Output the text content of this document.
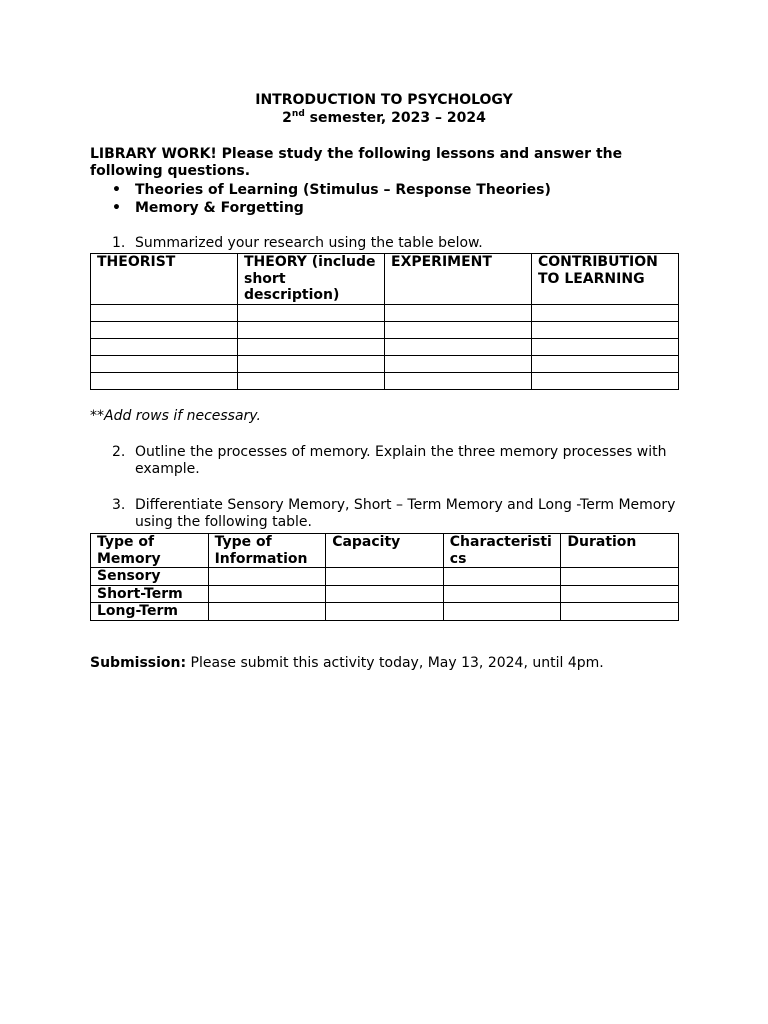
INTRODUCTION TO PSYCHOLOGY
2nd semester, 2023 – 2024
LIBRARY WORK! Please study the following lessons and answer the following questions.
• Theories of Learning (Stimulus – Response Theories)
• Memory & Forgetting
1. Summarized your research using the table below.
THEORIST	THEORY (include short description)	EXPERIMENT	CONTRIBUTION TO LEARNING

**Add rows if necessary.
2. Outline the processes of memory. Explain the three memory processes with example.
3. Differentiate Sensory Memory, Short – Term Memory and Long -Term Memory using the following table.
Type of Memory	Type of Information	Capacity	Characteristi cs	Duration
Sensory				
Short-Term				
Long-Term				
Submission: Please submit this activity today, May 13, 2024, until 4pm.
